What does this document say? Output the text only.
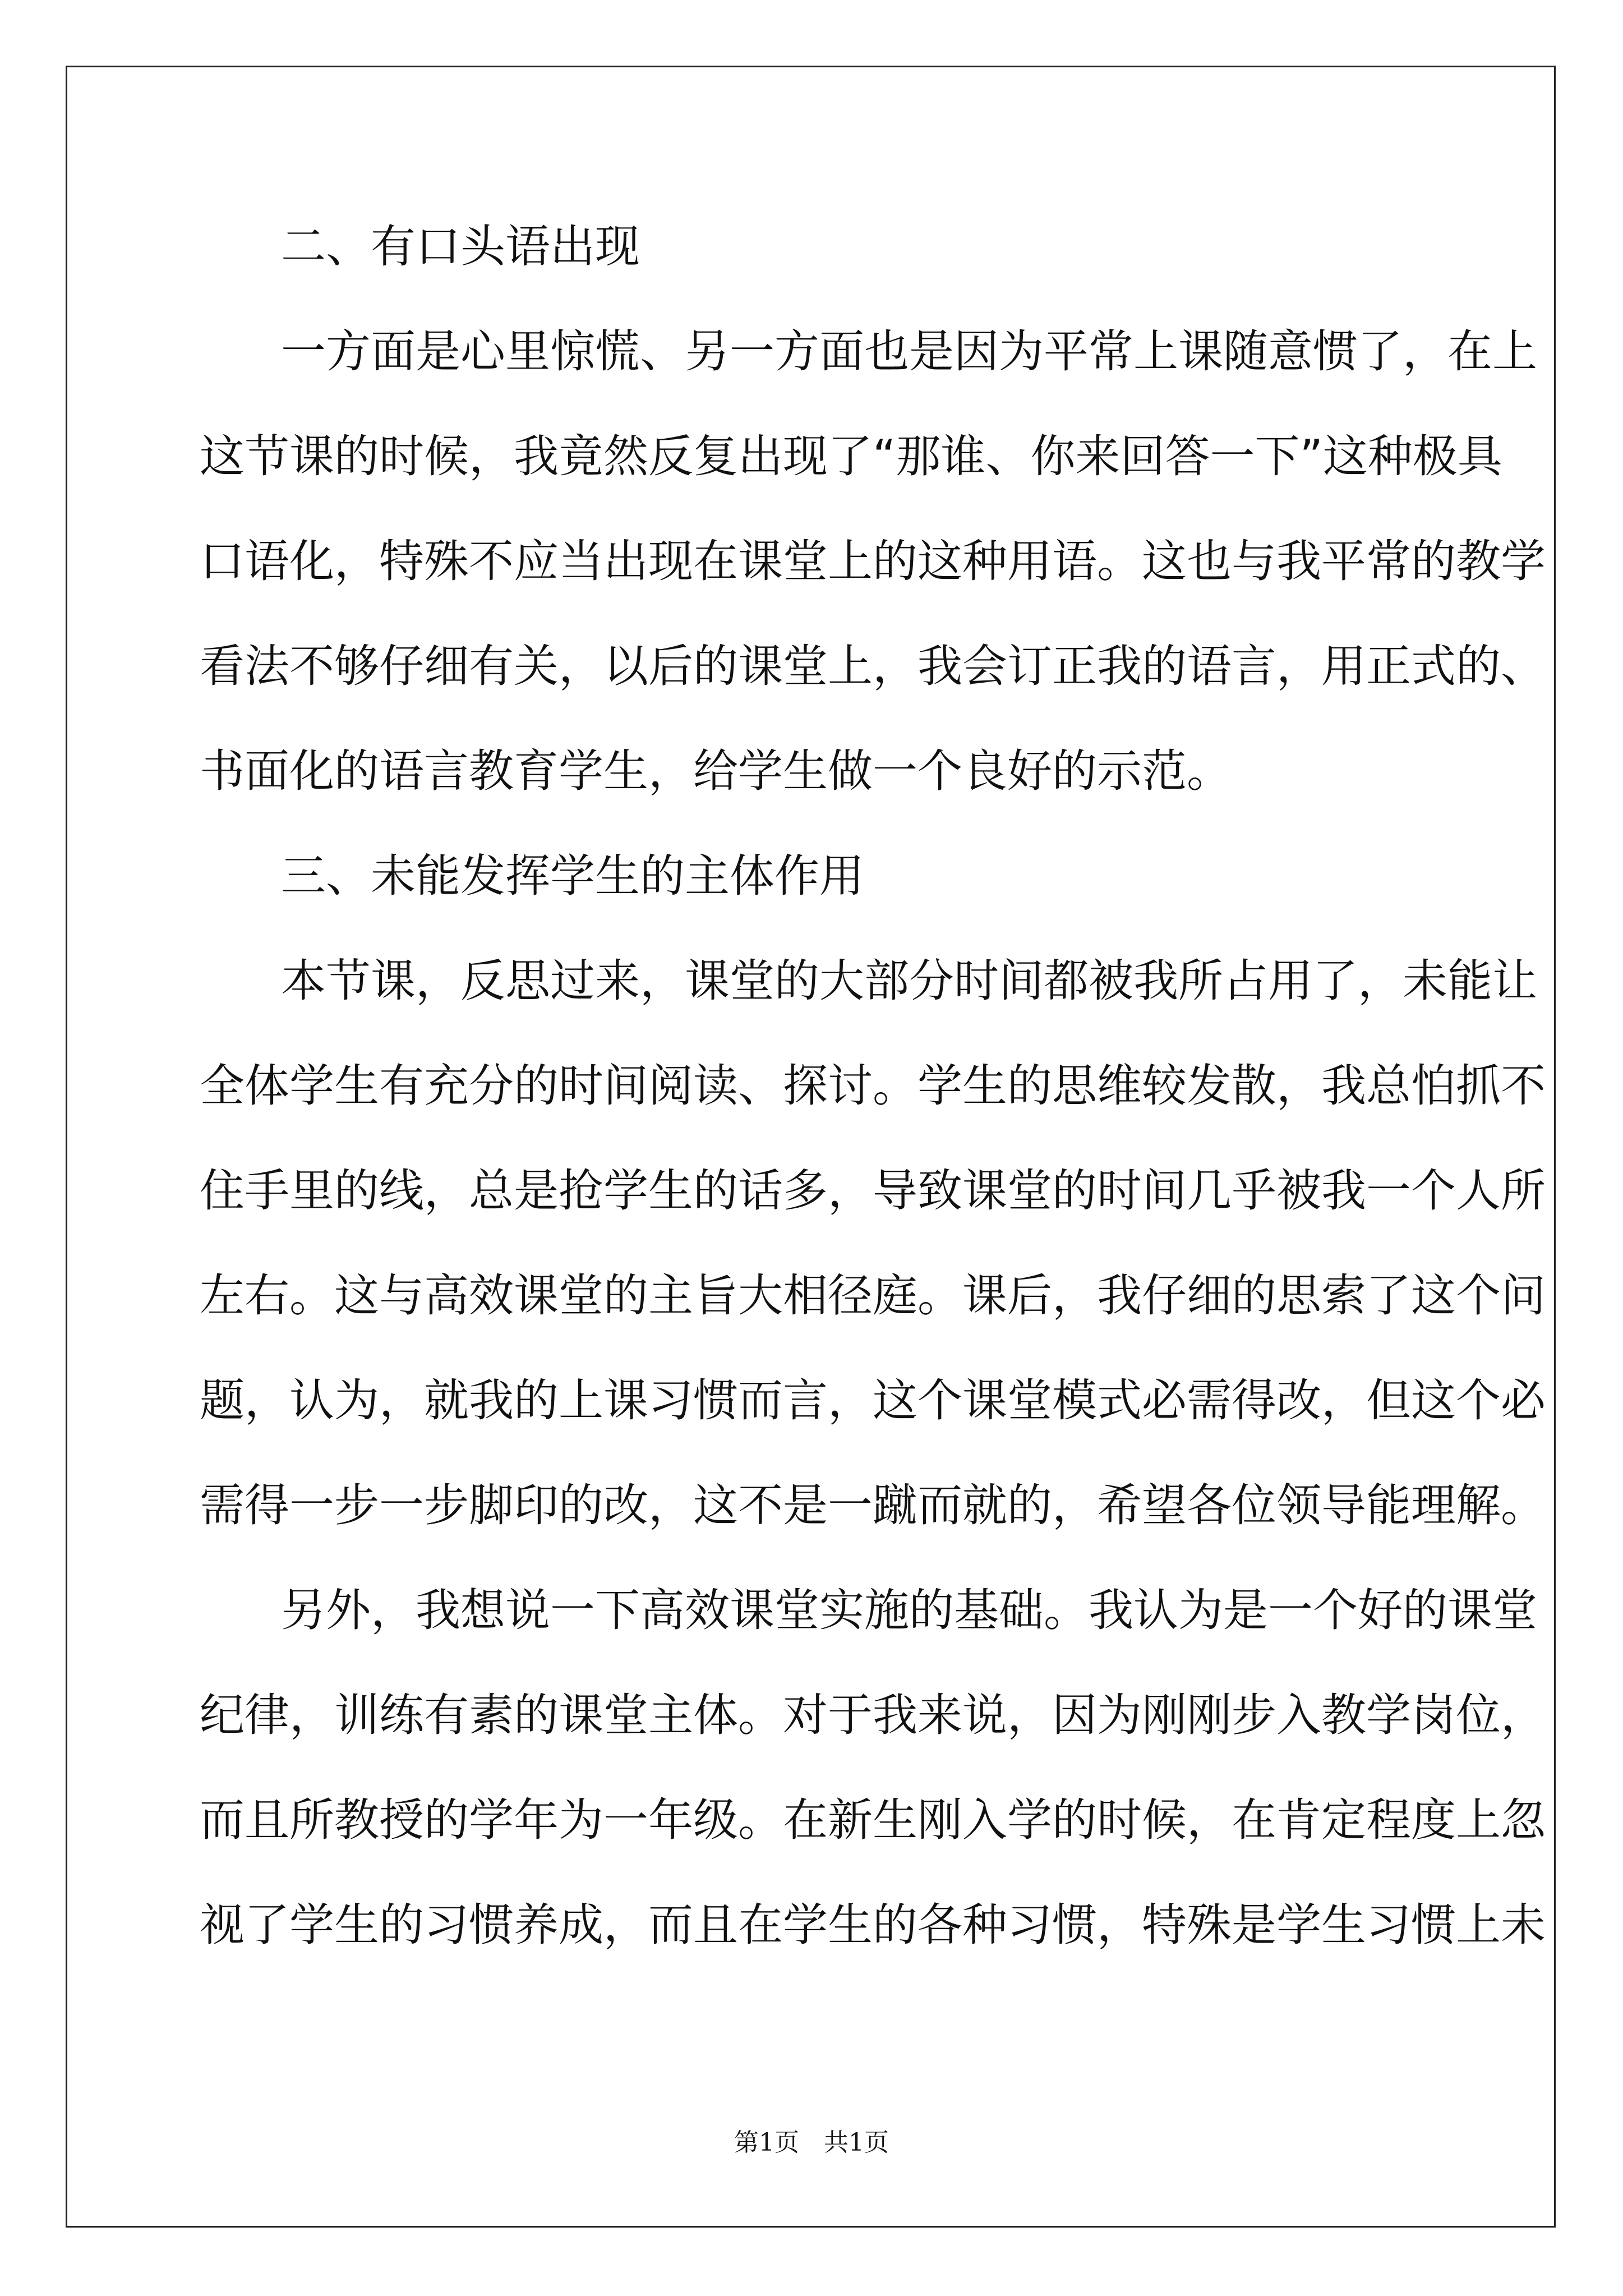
二、有口头语出现
一方面是心里惊慌、另一方面也是因为平常上课随意惯了，在上
这节课的时候，我竟然反复出现了“那谁、你来回答一下”这种极具
口语化，特殊不应当出现在课堂上的这种用语。这也与我平常的教学
看法不够仔细有关，以后的课堂上，我会订正我的语言，用正式的、
书面化的语言教育学生，给学生做一个良好的示范。
三、未能发挥学生的主体作用
本节课，反思过来，课堂的大部分时间都被我所占用了，未能让
全体学生有充分的时间阅读、探讨。学生的思维较发散，我总怕抓不
住手里的线，总是抢学生的话多，导致课堂的时间几乎被我一个人所
左右。这与高效课堂的主旨大相径庭。课后，我仔细的思索了这个问
题，认为，就我的上课习惯而言，这个课堂模式必需得改，但这个必
需得一步一步脚印的改，这不是一蹴而就的，希望各位领导能理解。
另外，我想说一下高效课堂实施的基础。我认为是一个好的课堂
纪律，训练有素的课堂主体。对于我来说，因为刚刚步入教学岗位，
而且所教授的学年为一年级。在新生刚入学的时候，在肯定程度上忽
视了学生的习惯养成，而且在学生的各种习惯，特殊是学生习惯上未
第1页　共1页
